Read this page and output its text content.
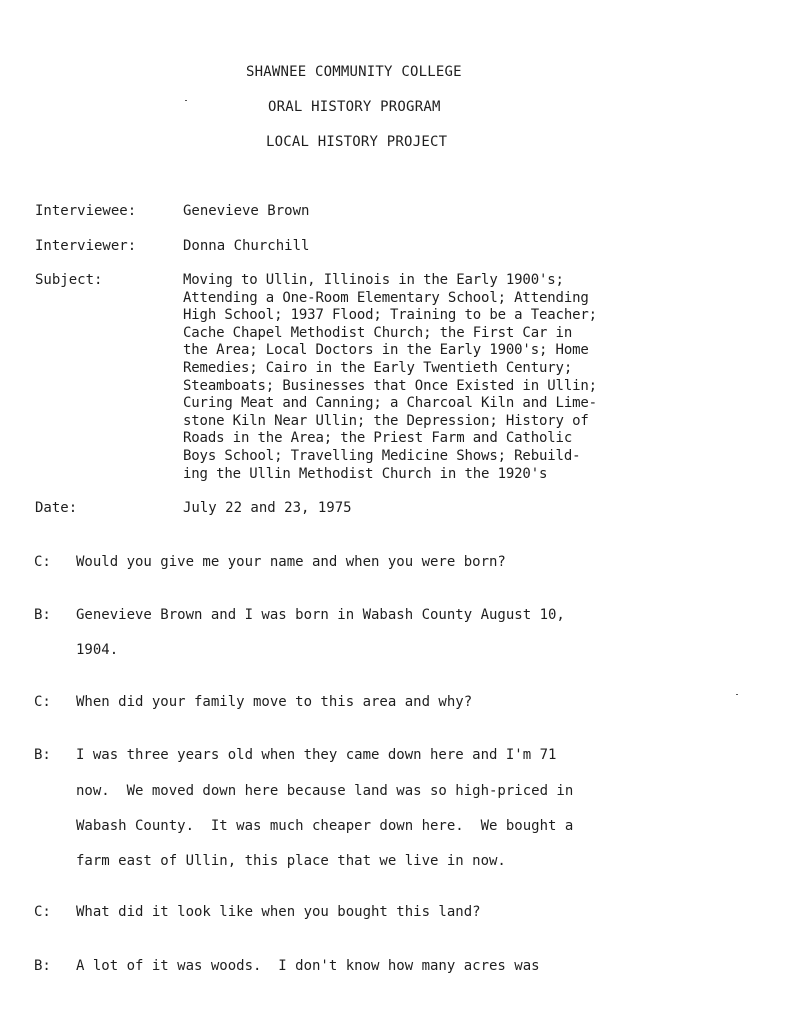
SHAWNEE COMMUNITY COLLEGE
ORAL HISTORY PROGRAM
LOCAL HISTORY PROJECT
Interviewee:	Genevieve Brown
Interviewer:	Donna Churchill
Subject:	Moving to Ullin, Illinois in the Early 1900's;
Attending a One-Room Elementary School; Attending
High School; 1937 Flood; Training to be a Teacher;
Cache Chapel Methodist Church; the First Car in
the Area; Local Doctors in the Early 1900's; Home
Remedies; Cairo in the Early Twentieth Century;
Steamboats; Businesses that Once Existed in Ullin;
Curing Meat and Canning; a Charcoal Kiln and Lime-
stone Kiln Near Ullin; the Depression; History of
Roads in the Area; the Priest Farm and Catholic
Boys School; Travelling Medicine Shows; Rebuild-
ing the Ullin Methodist Church in the 1920's
Date:	July 22 and 23, 1975
C: Would you give me your name and when you were born?
B: Genevieve Brown and I was born in Wabash County August 10,
1904.
C: When did your family move to this area and why?
B: I was three years old when they came down here and I'm 71
now.  We moved down here because land was so high-priced in
Wabash County.  It was much cheaper down here.  We bought a
farm east of Ullin, this place that we live in now.
C: What did it look like when you bought this land?
B: A lot of it was woods.  I don't know how many acres was
